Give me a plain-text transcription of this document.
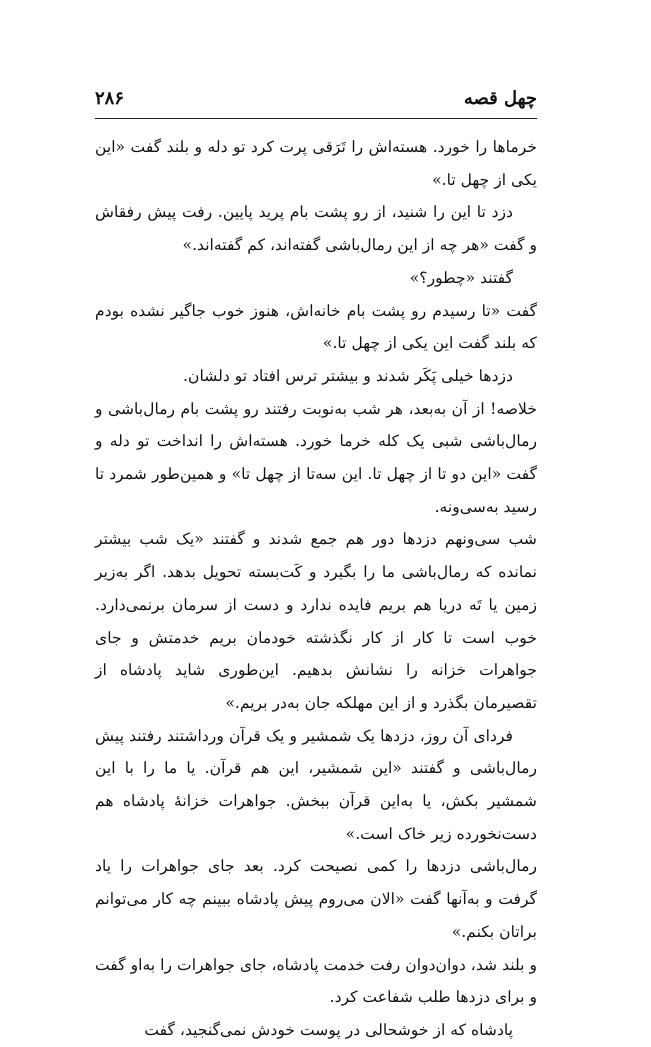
۲۸۶	چهل قصه

خرماها را خورد. هسته‌اش را تَرَقی پرت کرد تو دله و بلند گفت «این یکی از چهل تا.»

دزد تا این را شنید، از رو پشت بام پرید پایین. رفت پیش رفقاش و گفت «هر چه از این رمال‌باشی گفته‌اند، کم گفته‌اند.»

گفتند «چطور؟»

گفت «تا رسیدم رو پشت بام خانه‌اش، هنوز خوب جاگیر نشده بودم که بلند گفت این یکی از چهل تا.»

دزدها خیلی پَکَر شدند و بیشتر ترس افتاد تو دلشان.

خلاصه! از آن به‌بعد، هر شب به‌نوبت رفتند رو پشت بام رمال‌باشی و رمال‌باشی شبی یک کله خرما خورد. هسته‌اش را انداخت تو دله و گفت «این دو تا از چهل تا. این سه‌تا از چهل تا» و همین‌طور شمرد تا رسید به‌سی‌ونه.

شب سی‌ونهم دزدها دور هم جمع شدند و گفتند «یک شب بیشتر نمانده که رمال‌باشی ما را بگیرد و کَت‌بسته تحویل بدهد. اگر به‌زیر زمین یا تَه دریا هم بریم فایده ندارد و دست از سرمان برنمی‌دارد. خوب است تا کار از کار نگذشته خودمان بریم خدمتش و جای جواهرات خزانه را نشانش بدهیم. این‌طوری شاید پادشاه از تقصیرمان بگذرد و از این مهلکه جان به‌در بریم.»

فردای آن روز، دزدها یک شمشیر و یک قرآن ورداشتند رفتند پیش رمال‌باشی و گفتند «این شمشیر، این هم قرآن. یا ما را با این شمشیر بکش، یا به‌این قرآن ببخش. جواهرات خزانهٔ پادشاه هم دست‌نخورده زیر خاک است.»

رمال‌باشی دزدها را کمی نصیحت کرد. بعد جای جواهرات را یاد گرفت و به‌آنها گفت «الان می‌روم پیش پادشاه ببینم چه کار می‌توانم براتان بکنم.»

و بلند شد، دوان‌دوان رفت خدمت پادشاه، جای جواهرات را به‌او گفت و برای دزدها طلب شفاعت کرد.

پادشاه که از خوشحالی در پوست خودش نمی‌گنجید، گفت
